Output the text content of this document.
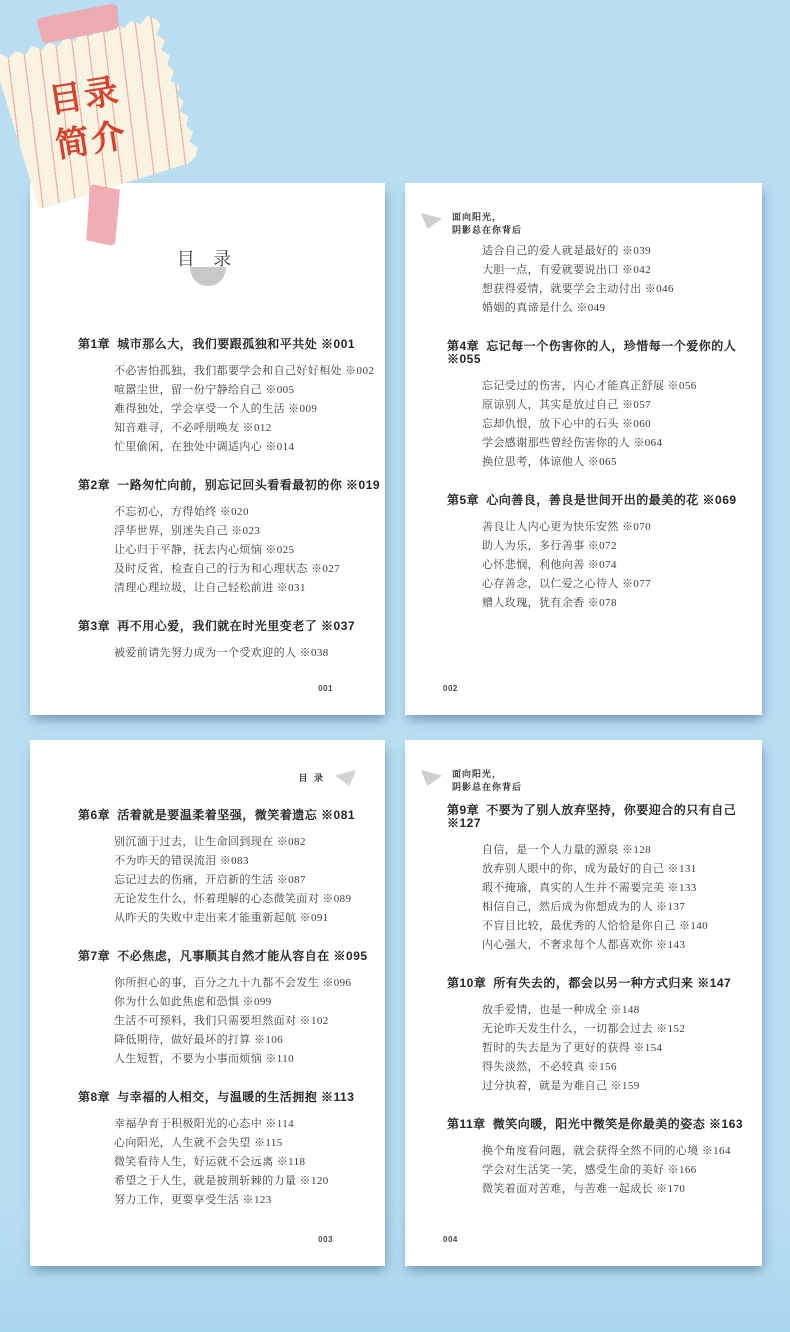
目 录
第1章 城市那么大，我们要跟孤独和平共处 ※001
不必害怕孤独，我们都要学会和自己好好相处 ※002
喧嚣尘世，留一份宁静给自己 ※005
难得独处，学会享受一个人的生活 ※009
知音难寻，不必呼朋唤友 ※012
忙里偷闲，在独处中调适内心 ※014
第2章 一路匆忙向前，别忘记回头看看最初的你 ※019
不忘初心，方得始终 ※020
浮华世界，别迷失自己 ※023
让心归于平静，抚去内心烦恼 ※025
及时反省，检查自己的行为和心理状态 ※027
清理心理垃圾，让自己轻松前进 ※031
第3章 再不用心爱，我们就在时光里变老了 ※037
被爱前请先努力成为一个受欢迎的人 ※038
001
面向阳光，
阴影总在你背后
适合自己的爱人就是最好的 ※039
大胆一点，有爱就要说出口 ※042
想获得爱情，就要学会主动付出 ※046
婚姻的真谛是什么 ※049
第4章 忘记每一个伤害你的人，珍惜每一个爱你的人 ※055
忘记受过的伤害，内心才能真正舒展 ※056
原谅别人，其实是放过自己 ※057
忘却仇恨，放下心中的石头 ※060
学会感谢那些曾经伤害你的人 ※064
换位思考，体谅他人 ※065
第5章 心向善良，善良是世间开出的最美的花 ※069
善良让人内心更为快乐安然 ※070
助人为乐，多行善事 ※072
心怀悲悯，利他向善 ※074
心存善念，以仁爱之心待人 ※077
赠人玫瑰，犹有余香 ※078
002
目 录
第6章 活着就是要温柔着坚强，微笑着遗忘 ※081
别沉湎于过去，让生命回到现在 ※082
不为昨天的错误流泪 ※083
忘记过去的伤痛，开启新的生活 ※087
无论发生什么，怀着理解的心态微笑面对 ※089
从昨天的失败中走出来才能重新起航 ※091
第7章 不必焦虑，凡事顺其自然才能从容自在 ※095
你所担心的事，百分之九十九都不会发生 ※096
你为什么如此焦虑和恐惧 ※099
生活不可预料，我们只需要坦然面对 ※102
降低期待，做好最坏的打算 ※106
人生短暂，不要为小事而烦恼 ※110
第8章 与幸福的人相交，与温暖的生活拥抱 ※113
幸福孕育于积极阳光的心态中 ※114
心向阳光，人生就不会失望 ※115
微笑看待人生，好运就不会远离 ※118
希望之于人生，就是披荆斩棘的力量 ※120
努力工作，更要享受生活 ※123
003
面向阳光，
阴影总在你背后
第9章 不要为了别人放弃坚持，你要迎合的只有自己 ※127
自信，是一个人力量的源泉 ※128
放弃别人眼中的你，成为最好的自己 ※131
瑕不掩瑜，真实的人生并不需要完美 ※133
相信自己，然后成为你想成为的人 ※137
不盲目比较，最优秀的人恰恰是你自己 ※140
内心强大，不奢求每个人都喜欢你 ※143
第10章 所有失去的，都会以另一种方式归来 ※147
放手爱情，也是一种成全 ※148
无论昨天发生什么，一切都会过去 ※152
暂时的失去是为了更好的获得 ※154
得失淡然，不必较真 ※156
过分执着，就是为难自己 ※159
第11章 微笑向暖，阳光中微笑是你最美的姿态 ※163
换个角度看问题，就会获得全然不同的心境 ※164
学会对生活笑一笑，感受生命的美好 ※166
微笑着面对苦难，与苦难一起成长 ※170
004
目录
简介
